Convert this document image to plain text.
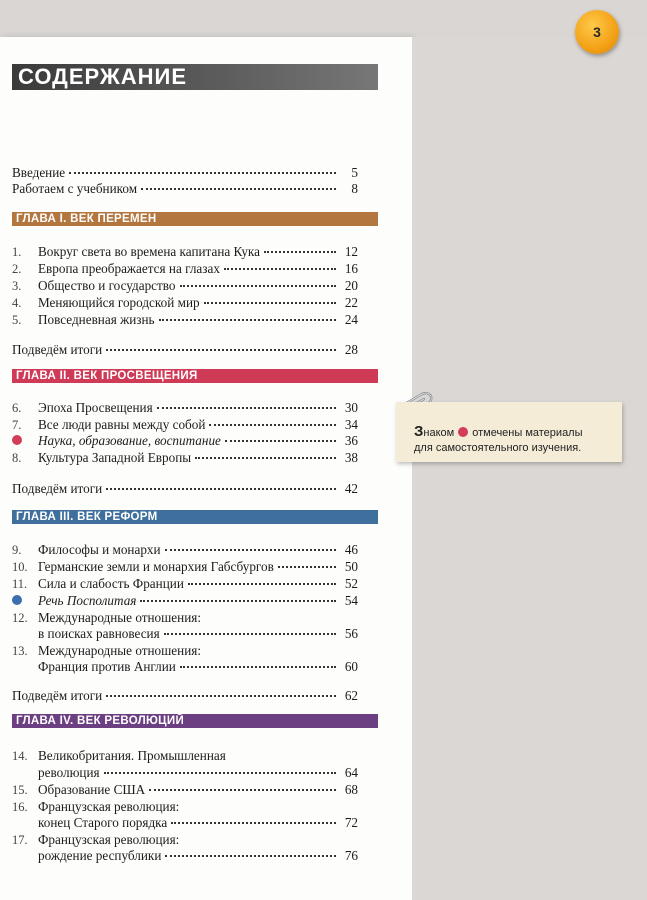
3
СОДЕРЖАНИЕ
Введение	5
Работаем с учебником	8
ГЛАВА I. ВЕК ПЕРЕМЕН
1.	Вокруг света во времена капитана Кука	12
2.	Европа преображается на глазах	16
3.	Общество и государство	20
4.	Меняющийся городской мир	22
5.	Повседневная жизнь	24
Подведём итоги	28
ГЛАВА II. ВЕК ПРОСВЕЩЕНИЯ
6.	Эпоха Просвещения	30
7.	Все люди равны между собой	34
Наука, образование, воспитание	36
8.	Культура Западной Европы	38
Подведём итоги	42
ГЛАВА III. ВЕК РЕФОРМ
9.	Философы и монархи	46
10. Германские земли и монархия Габсбургов	50
11. Сила и слабость Франции	52
Речь Посполитая	54
12. Международные отношения:
в поисках равновесия	56
13. Международные отношения:
Франция против Англии	60
Подведём итоги	62
ГЛАВА IV. ВЕК РЕВОЛЮЦИЙ
14. Великобритания. Промышленная
революция	64
15. Образование США	68
16. Французская революция:
конец Старого порядка	72
17. Французская революция:
рождение республики	76
Знаком отмечены материалы
для самостоятельного изучения.
